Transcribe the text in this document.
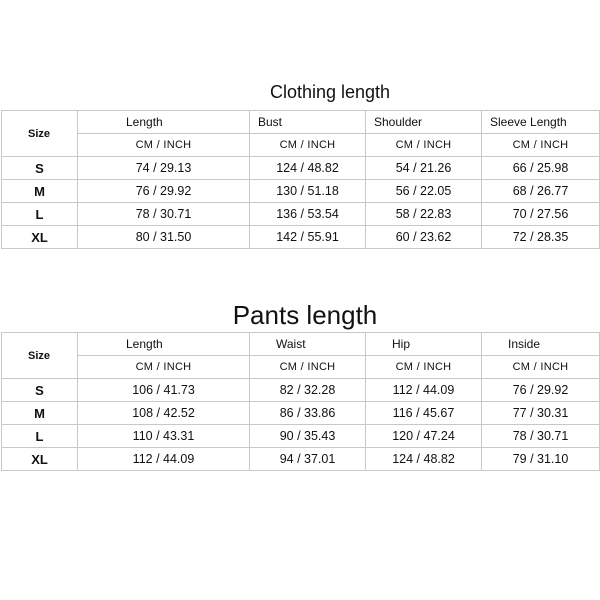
Clothing length
Size	Length	Bust	Shoulder	Sleeve Length
	CM / INCH	CM / INCH	CM / INCH	CM / INCH
S	74 / 29.13	124 / 48.82	54 / 21.26	66 / 25.98
M	76 / 29.92	130 / 51.18	56 / 22.05	68 / 26.77
L	78 / 30.71	136 / 53.54	58 / 22.83	70 / 27.56
XL	80 / 31.50	142 / 55.91	60 / 23.62	72 / 28.35
Pants length
Size	Length	Waist	Hip	Inside
	CM / INCH	CM / INCH	CM / INCH	CM / INCH
S	106 / 41.73	82 / 32.28	112 / 44.09	76 / 29.92
M	108 / 42.52	86 / 33.86	116 / 45.67	77 / 30.31
L	110 / 43.31	90 / 35.43	120 / 47.24	78 / 30.71
XL	112 / 44.09	94 / 37.01	124 / 48.82	79 / 31.10
